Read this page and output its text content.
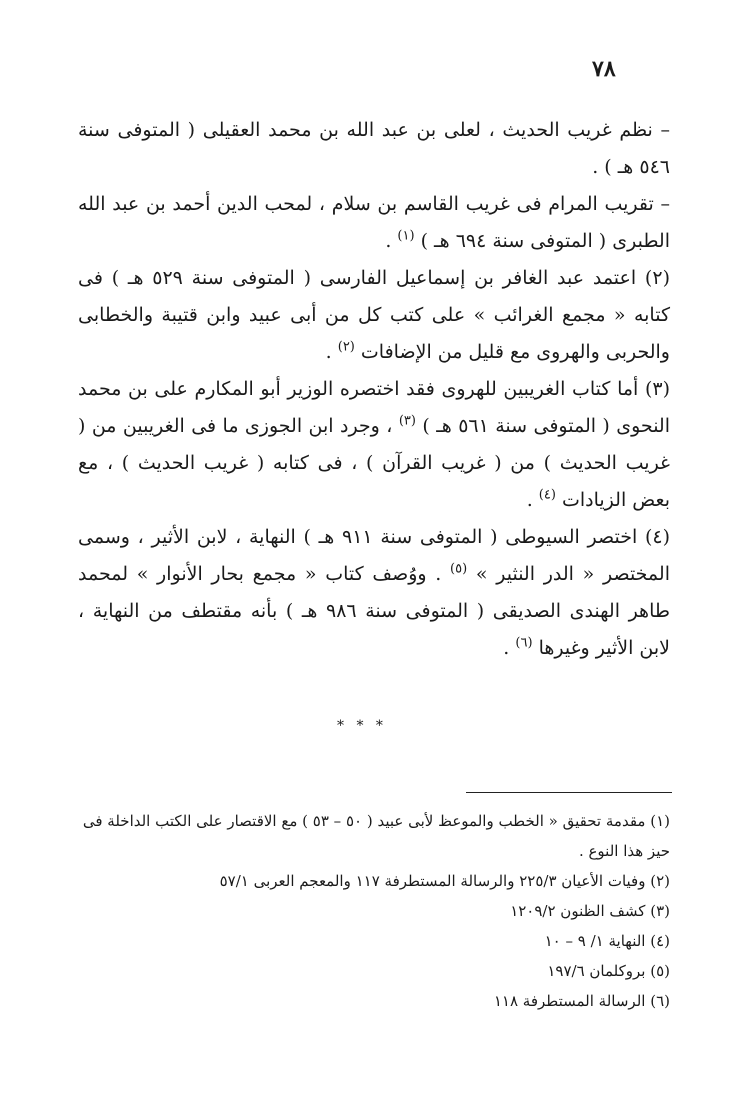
٧٨

– نظم غريب الحديث ، لعلى بن عبد الله بن محمد العقيلى ( المتوفى سنة ٥٤٦ هـ ) .

– تقريب المرام فى غريب القاسم بن سلام ، لمحب الدين أحمد بن عبد الله الطبرى ( المتوفى سنة ٦٩٤ هـ ) $^{(١)}$ .

(٢) اعتمد عبد الغافر بن إسماعيل الفارسى ( المتوفى سنة ٥٢٩ هـ ) فى كتابه « مجمع الغرائب » على كتب كل من أبى عبيد وابن قتيبة والخطابى والحربى والهروى مع قليل من الإضافات $^{(٢)}$ .

(٣) أما كتاب الغريبين للهروى فقد اختصره الوزير أبو المكارم على بن محمد النحوى ( المتوفى سنة ٥٦١ هـ ) $^{(٣)}$ ، وجرد ابن الجوزى ما فى الغريبين من ( غريب الحديث ) من ( غريب القرآن ) ، فى كتابه ( غريب الحديث ) ، مع بعض الزيادات $^{(٤)}$ .

(٤) اختصر السيوطى ( المتوفى سنة ٩١١ هـ ) النهاية ، لابن الأثير ، وسمى المختصر « الدر النثير » $^{(٥)}$ . ووُصف كتاب « مجمع بحار الأنوار » لمحمد طاهر الهندى الصديقى ( المتوفى سنة ٩٨٦ هـ ) بأنه مقتطف من النهاية ، لابن الأثير وغيرها $^{(٦)}$ .

* * *

(١) مقدمة تحقيق « الخطب والموعظ لأبى عبيد ( ٥٠ – ٥٣ ) مع الاقتصار على الكتب الداخلة فى حيز هذا النوع .

(٢) وفيات الأعيان ٢٢٥/٣ والرسالة المستطرفة ١١٧ والمعجم العربى ٥٧/١

(٣) كشف الظنون ١٢٠٩/٢

(٤) النهاية ١/ ٩ – ١٠

(٥) بروكلمان ١٩٧/٦

(٦) الرسالة المستطرفة ١١٨
